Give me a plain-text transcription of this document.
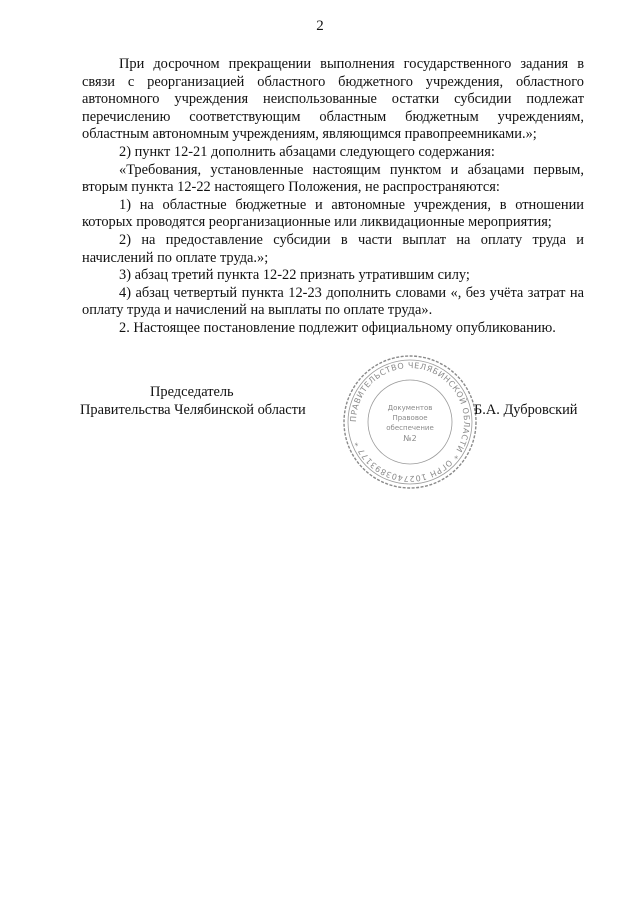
2

При досрочном прекращении выполнения государственного задания в связи с реорганизацией областного бюджетного учреждения, областного автономного учреждения неиспользованные остатки субсидии подлежат перечислению соответствующим областным бюджетным учреждениям, областным автономным учреждениям, являющимся правопреемниками.»;

2) пункт 12-21 дополнить абзацами следующего содержания:

«Требования, установленные настоящим пунктом и абзацами первым, вторым пункта 12-22 настоящего Положения, не распространяются:

1) на областные бюджетные и автономные учреждения, в отношении которых проводятся реорганизационные или ликвидационные мероприятия;

2) на предоставление субсидии в части выплат на оплату труда и начислений по оплате труда.»;

3) абзац третий пункта 12-22 признать утратившим силу;

4) абзац четвертый пункта 12-23 дополнить словами «, без учёта затрат на оплату труда и начислений на выплаты по оплате труда».

2. Настоящее постановление подлежит официальному опубликованию.

Председатель
Правительства Челябинской области
ПРАВИТЕЛЬСТВО ЧЕЛЯБИНСКОЙ ОБЛАСТИ * ОГРН 1027403893177 *
Документов
Правовое
обеспечение
№2
Б.А. Дубровский
